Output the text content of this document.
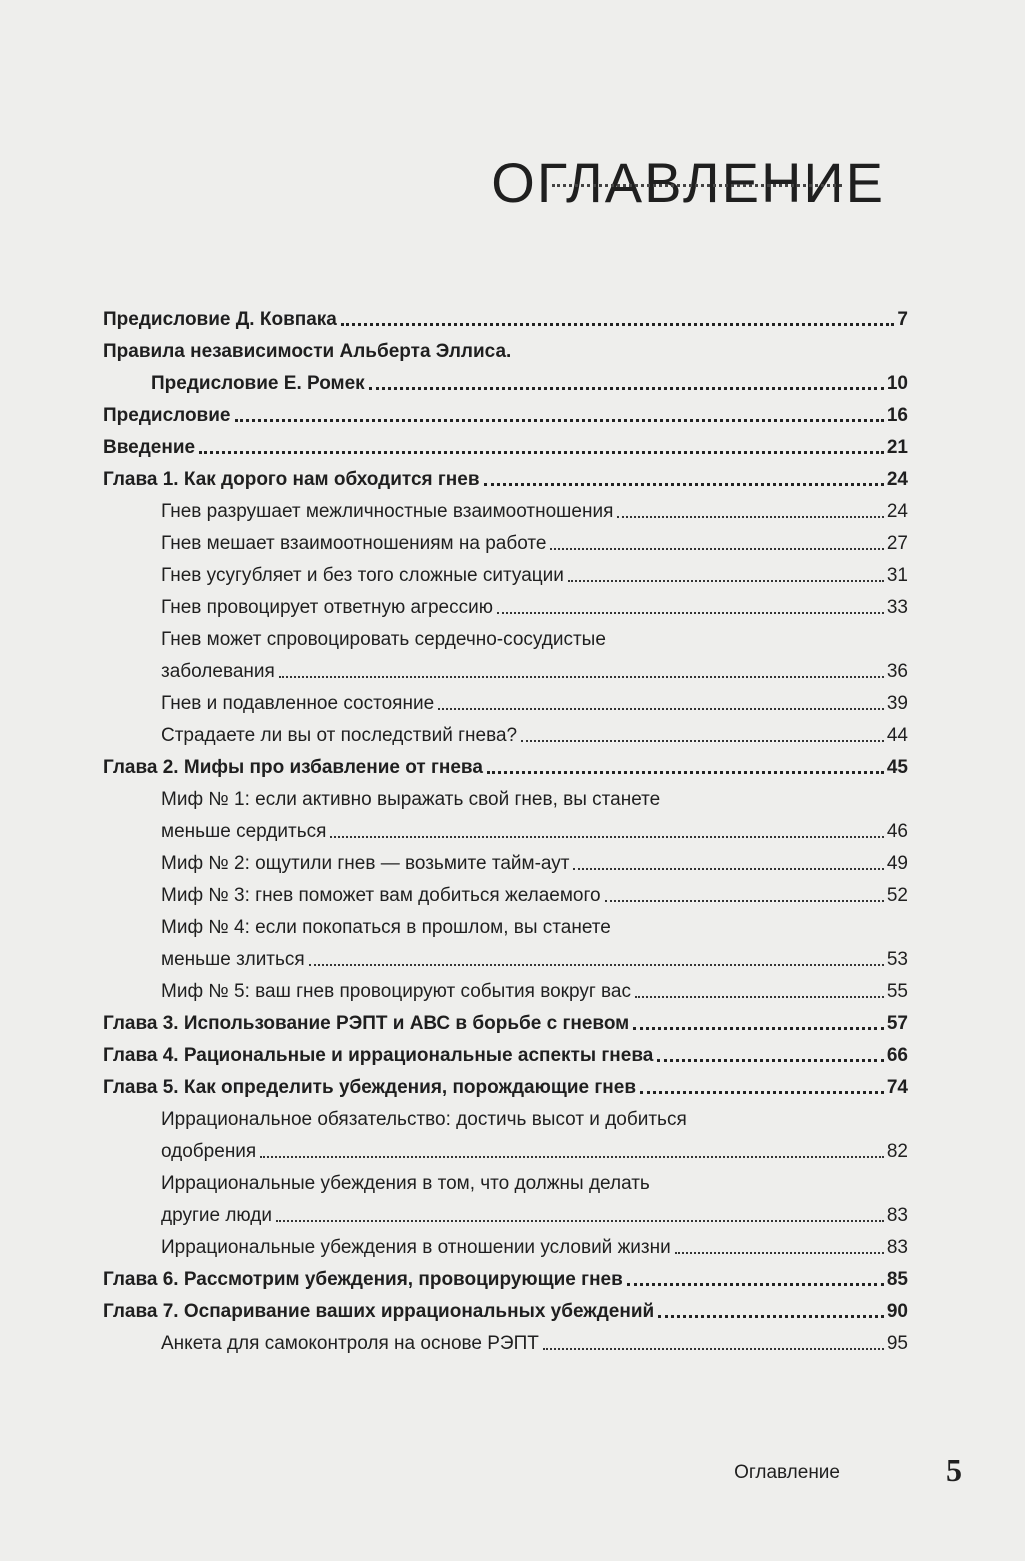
ОГЛАВЛЕНИЕ
Предисловие Д. Ковпака	7
Правила независимости Альберта Эллиса.
Предисловие Е. Ромек	10
Предисловие	16
Введение	21
Глава 1. Как дорого нам обходится гнев	24
Гнев разрушает межличностные взаимоотношения	24
Гнев мешает взаимоотношениям на работе	27
Гнев усугубляет и без того сложные ситуации	31
Гнев провоцирует ответную агрессию	33
Гнев может спровоцировать сердечно-сосудистые
заболевания	36
Гнев и подавленное состояние	39
Страдаете ли вы от последствий гнева?	44
Глава 2. Мифы про избавление от гнева	45
Миф № 1: если активно выражать свой гнев, вы станете
меньше сердиться	46
Миф № 2: ощутили гнев — возьмите тайм-аут	49
Миф № 3: гнев поможет вам добиться желаемого	52
Миф № 4: если покопаться в прошлом, вы станете
меньше злиться	53
Миф № 5: ваш гнев провоцируют события вокруг вас	55
Глава 3. Использование РЭПТ и АВС в борьбе с гневом	57
Глава 4. Рациональные и иррациональные аспекты гнева	66
Глава 5. Как определить убеждения, порождающие гнев	74
Иррациональное обязательство: достичь высот и добиться
одобрения	82
Иррациональные убеждения в том, что должны делать
другие люди	83
Иррациональные убеждения в отношении условий жизни	83
Глава 6. Рассмотрим убеждения, провоцирующие гнев	85
Глава 7. Оспаривание ваших иррациональных убеждений	90
Анкета для самоконтроля на основе РЭПТ	95
Оглавление	5
